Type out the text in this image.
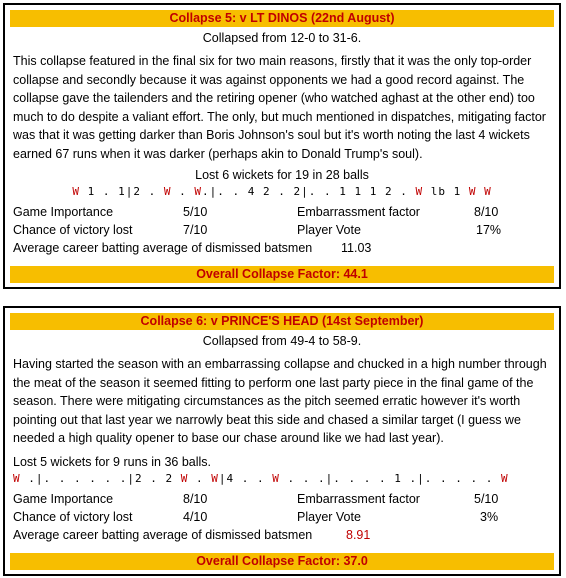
Collapse 5: v LT DINOS (22nd August)
Collapsed from 12-0 to 31-6.
This collapse featured in the final six for two main reasons, firstly that it was the only top-order collapse and secondly because it was against opponents we had a good record against. The collapse gave the tailenders and the retiring opener (who watched aghast at the other end) too much to do despite a valiant effort. The only, but much mentioned in dispatches, mitigating factor was that it was getting darker than Boris Johnson's soul but it's worth noting the last 4 wickets earned 67 runs when it was darker (perhaps akin to Donald Trump's soul).
Lost 6 wickets for 19 in 28 balls
W 1 . 1|2 . W . W.|. . 4 2 . 2|. . 1 1 1 2 . W lb 1 W W
Game Importance	5/10	Embarrassment factor	8/10
Chance of victory lost	7/10	Player Vote	17%
Average career batting average of dismissed batsmen 11.03
Overall Collapse Factor: 44.1
Collapse 6: v PRINCE'S HEAD (14st September)
Collapsed from 49-4 to 58-9.
Having started the season with an embarrassing collapse and chucked in a high number through the meat of the season it seemed fitting to perform one last party piece in the final game of the season. There were mitigating circumstances as the pitch seemed erratic however it's worth pointing out that last year we narrowly beat this side and chased a similar target (I guess we needed a high quality opener to base our chase around like we had last year).
Lost 5 wickets for 9 runs in 36 balls.
W .|. . . . . .|2 . 2 W . W|4 . . W . . .|. . . . 1 .|. . . . . W
Game Importance	8/10	Embarrassment factor	5/10
Chance of victory lost	4/10	Player Vote	3%
Average career batting average of dismissed batsmen	8.91
Overall Collapse Factor: 37.0
